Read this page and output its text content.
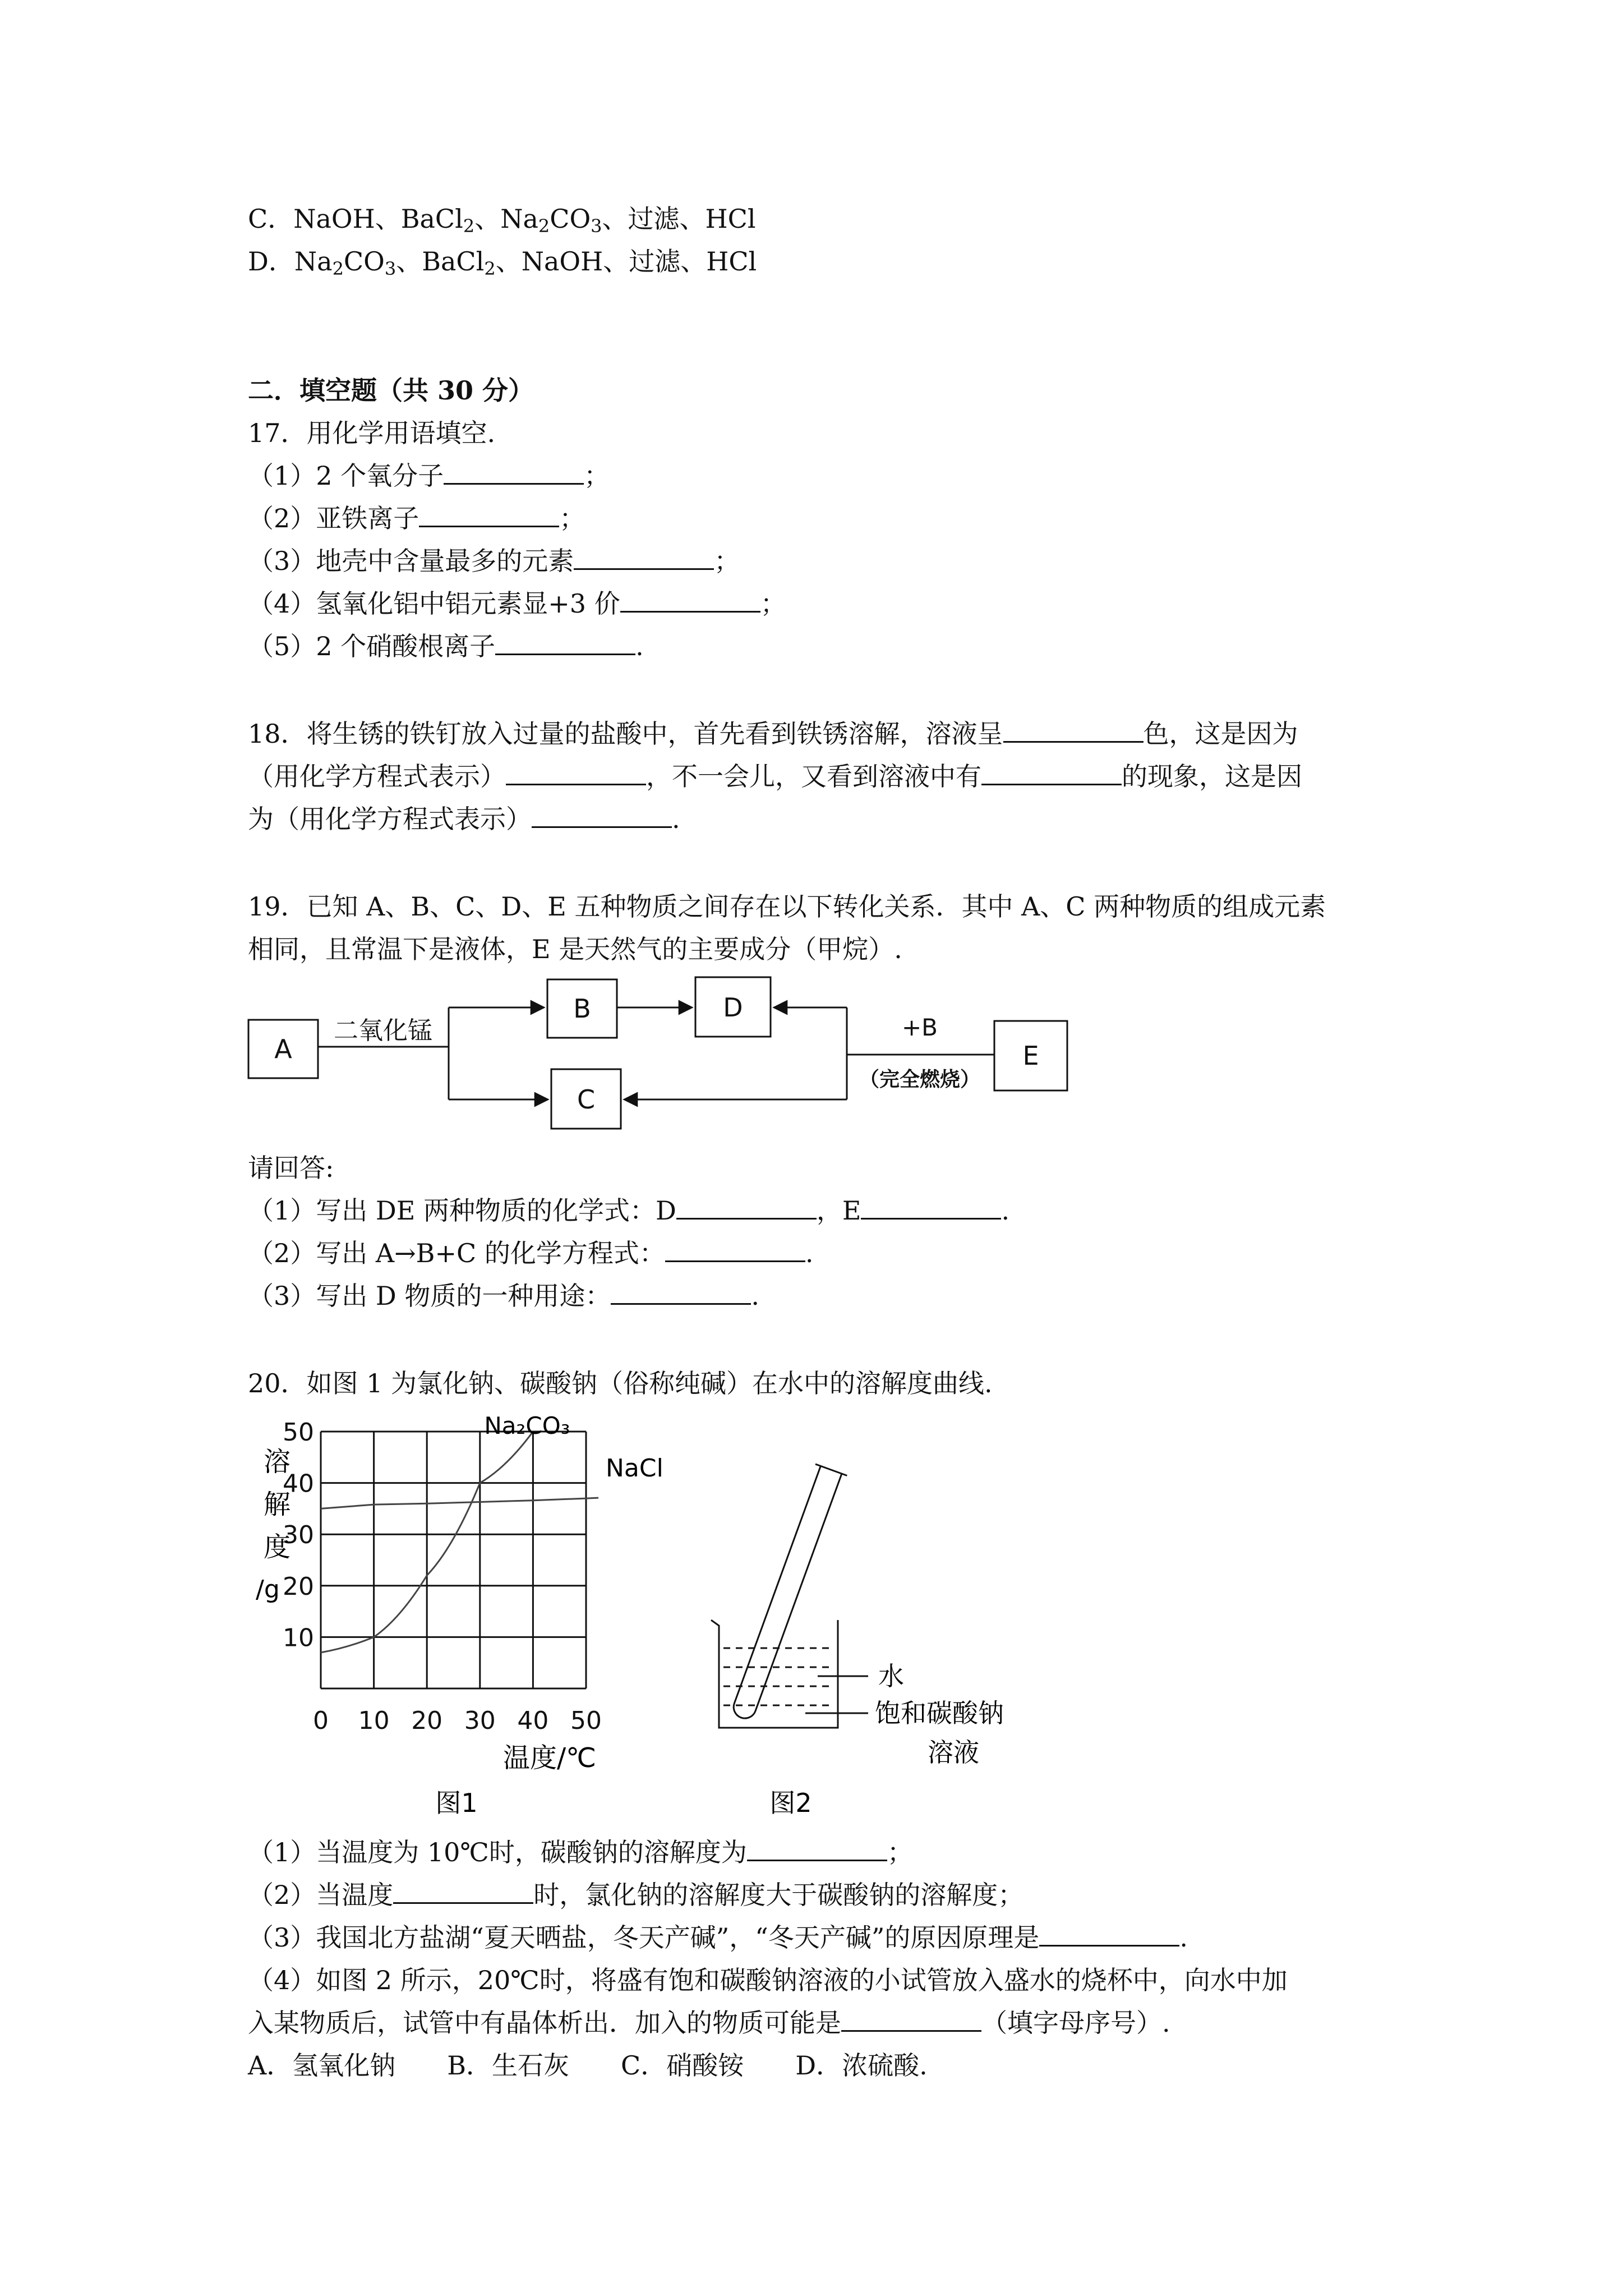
C．NaOH、BaCl$_2$、$Na_2CO_3$、过滤、HCl
D．$Na_2CO_3$、BaCl$_2$、NaOH、过滤、HCl
二．填空题（共 30 分）
17．用化学用语填空.
（1）2 个氧分子	；
（2）亚铁离子	；
（3）地壳中含量最多的元素	；
（4）氢氧化铝中铝元素显+3 价	；
（5）2 个硝酸根离子	.
18．将生锈的铁钉放入过量的盐酸中，首先看到铁锈溶解，溶液呈	色，这是因为
（用化学方程式表示）	，不一会儿，又看到溶液中有	的现象，这是因
为（用化学方程式表示）	.
19．已知 A、B、C、D、E 五种物质之间存在以下转化关系．其中 A、C 两种物质的组成元素
相同，且常温下是液体，E 是天然气的主要成分（甲烷）.
A
B	D
C
E
二氧化锰	+B
（完全燃烧）
请回答:
（1）写出 DE 两种物质的化学式：D	，E	.
（2）写出 A→B+C 的化学方程式：	.
（3）写出 D 物质的一种用途：	.
20．如图 1 为氯化钠、碳酸钠（俗称纯碱）在水中的溶解度曲线.
50
40
30
20
10
0 10 20 30 40 50
溶
解
度
/g
温度/℃
Na₂CO₃
NaCl
图1
水
饱和碳酸钠
溶液
图2
（1）当温度为 10℃时，碳酸钠的溶解度为	；
（2）当温度	时，氯化钠的溶解度大于碳酸钠的溶解度；
（3）我国北方盐湖“夏天晒盐，冬天产碱”，“冬天产碱”的原因原理是	.
（4）如图 2 所示，20℃时，将盛有饱和碳酸钠溶液的小试管放入盛水的烧杯中，向水中加
入某物质后，试管中有晶体析出．加入的物质可能是	（填字母序号）.
A．氢氧化钠　　B．生石灰　　C．硝酸铵　　D．浓硫酸.
